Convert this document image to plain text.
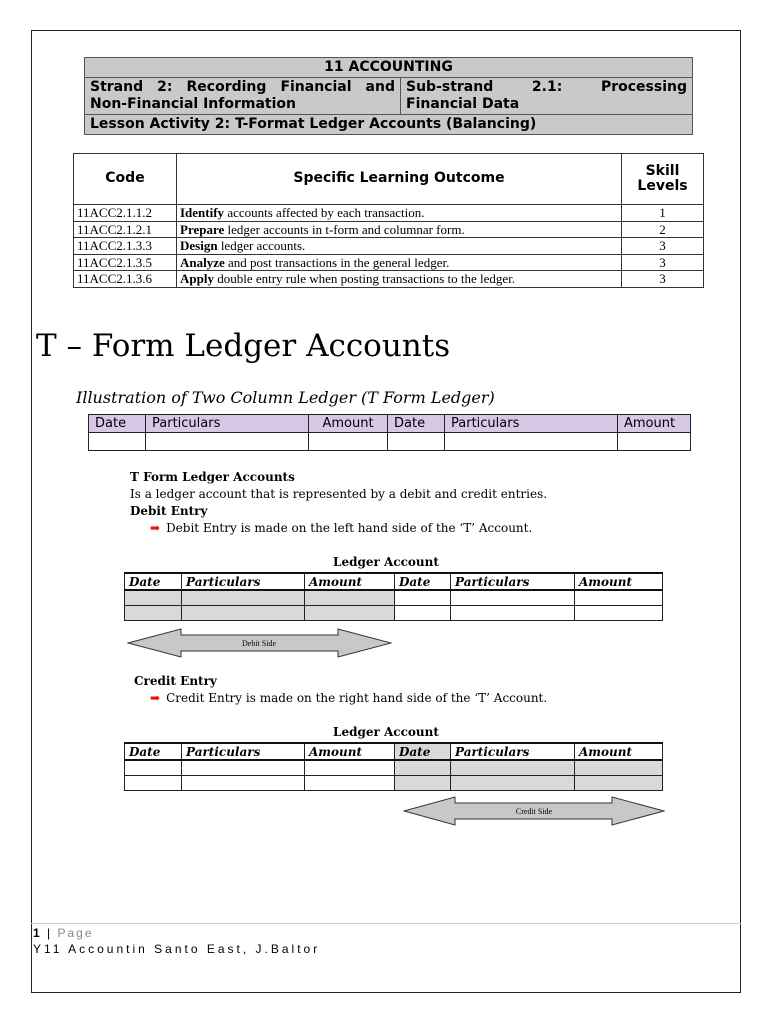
11 ACCOUNTING
Strand 2: Recording Financial and Non-Financial Information	Sub-strand 2.1: Processing Financial Data
Lesson Activity 2: T-Format Ledger Accounts (Balancing)
Code	Specific Learning Outcome	Skill Levels
11ACC2.1.1.2	Identify accounts affected by each transaction.	1
11ACC2.1.2.1	Prepare ledger accounts in t-form and columnar form.	2
11ACC2.1.3.3	Design ledger accounts.	3
11ACC2.1.3.5	Analyze and post transactions in the general ledger.	3
11ACC2.1.3.6	Apply double entry rule when posting transactions to the ledger.	3
T – Form Ledger Accounts
Illustration of Two Column Ledger (T Form Ledger)
Date	Particulars	Amount	Date	Particulars	Amount

T Form Ledger Accounts
Is a ledger account that is represented by a debit and credit entries.
Debit Entry
➡ Debit Entry is made on the left hand side of the ‘T’ Account.
Ledger Account
Date	Particulars	Amount	Date	Particulars	Amount

Debit Side
Credit Entry
➡ Credit Entry is made on the right hand side of the ‘T’ Account.
Ledger Account
Date	Particulars	Amount	Date	Particulars	Amount

Credit Side
1 | Page
Y11 Accountin Santo East, J.Baltor
